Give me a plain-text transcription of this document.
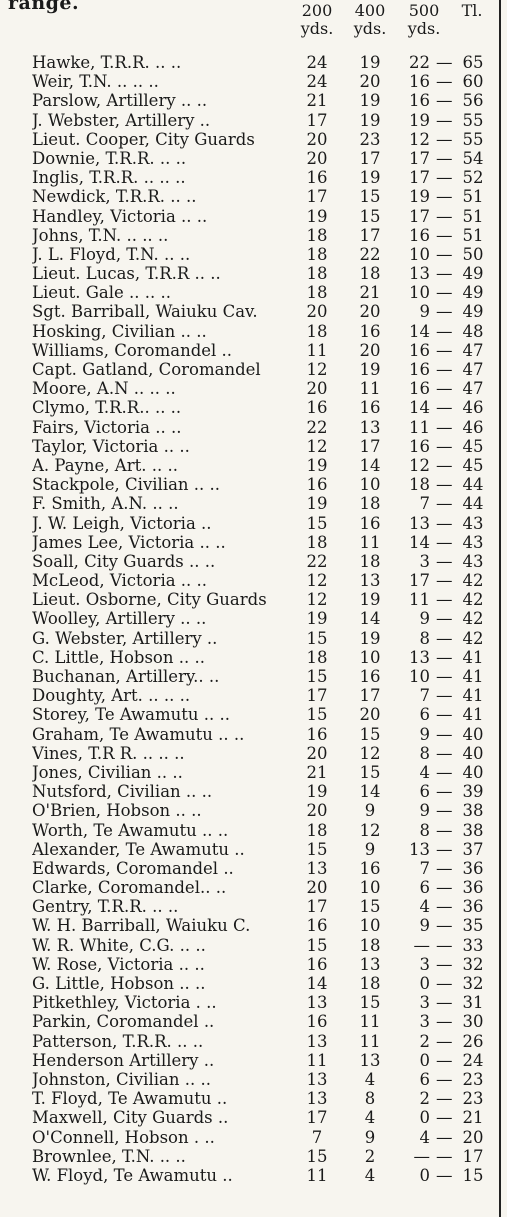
range.	200
yds.
400
yds.
500
yds.
Tl.
Hawke, T.R.R. .. ..	24	19	22 — 65
Weir, T.N. .. .. ..	24	20	16 — 60
Parslow, Artillery .. ..	21	19	16 — 56
J. Webster, Artillery ..	17	19	19 — 55
Lieut. Cooper, City Guards	20	23	12 — 55
Downie, T.R.R. .. ..	20	17	17 — 54
Inglis, T.R.R. .. .. ..	16	19	17 — 52
Newdick, T.R.R. .. ..	17	15	19 — 51
Handley, Victoria .. ..	19	15	17 — 51
Johns, T.N. .. .. ..	18	17	16 — 51
J. L. Floyd, T.N. .. ..	18	22	10 — 50
Lieut. Lucas, T.R.R .. ..	18	18	13 — 49
Lieut. Gale .. .. ..	18	21	10 — 49
Sgt. Barriball, Waiuku Cav.	20	20	9 — 49
Hosking, Civilian .. ..	18	16	14 — 48
Williams, Coromandel ..	11	20	16 — 47
Capt. Gatland, Coromandel	12	19	16 — 47
Moore, A.N .. .. ..	20	11	16 — 47
Clymo, T.R.R.. .. ..	16	16	14 — 46
Fairs, Victoria .. ..	22	13	11 — 46
Taylor, Victoria .. ..	12	17	16 — 45
A. Payne, Art. .. ..	19	14	12 — 45
Stackpole, Civilian .. ..	16	10	18 — 44
F. Smith, A.N. .. ..	19	18	7 — 44
J. W. Leigh, Victoria ..	15	16	13 — 43
James Lee, Victoria .. ..	18	11	14 — 43
Soall, City Guards .. ..	22	18	3 — 43
McLeod, Victoria .. ..	12	13	17 — 42
Lieut. Osborne, City Guards	12	19	11 — 42
Woolley, Artillery .. ..	19	14	9 — 42
G. Webster, Artillery ..	15	19	8 — 42
C. Little, Hobson .. ..	18	10	13 — 41
Buchanan, Artillery.. ..	15	16	10 — 41
Doughty, Art. .. .. ..	17	17	7 — 41
Storey, Te Awamutu .. ..	15	20	6 — 41
Graham, Te Awamutu .. ..	16	15	9 — 40
Vines, T.R R. .. .. ..	20	12	8 — 40
Jones, Civilian .. ..	21	15	4 — 40
Nutsford, Civilian .. ..	19	14	6 — 39
O'Brien, Hobson .. ..	20	9	9 — 38
Worth, Te Awamutu .. ..	18	12	8 — 38
Alexander, Te Awamutu ..	15	9	13 — 37
Edwards, Coromandel ..	13	16	7 — 36
Clarke, Coromandel.. ..	20	10	6 — 36
Gentry, T.R.R. .. ..	17	15	4 — 36
W. H. Barriball, Waiuku C.	16	10	9 — 35
W. R. White, C.G. .. ..	15	18	— — 33
W. Rose, Victoria .. ..	16	13	3 — 32
G. Little, Hobson .. ..	14	18	0 — 32
Pitkethley, Victoria . ..	13	15	3 — 31
Parkin, Coromandel ..	16	11	3 — 30
Patterson, T.R.R. .. ..	13	11	2 — 26
Henderson Artillery ..	11	13	0 — 24
Johnston, Civilian .. ..	13	4	6 — 23
T. Floyd, Te Awamutu ..	13	8	2 — 23
Maxwell, City Guards ..	17	4	0 — 21
O'Connell, Hobson . ..	7	9	4 — 20
Brownlee, T.N. .. ..	15	2	— — 17
W. Floyd, Te Awamutu ..	11	4	0 — 15
